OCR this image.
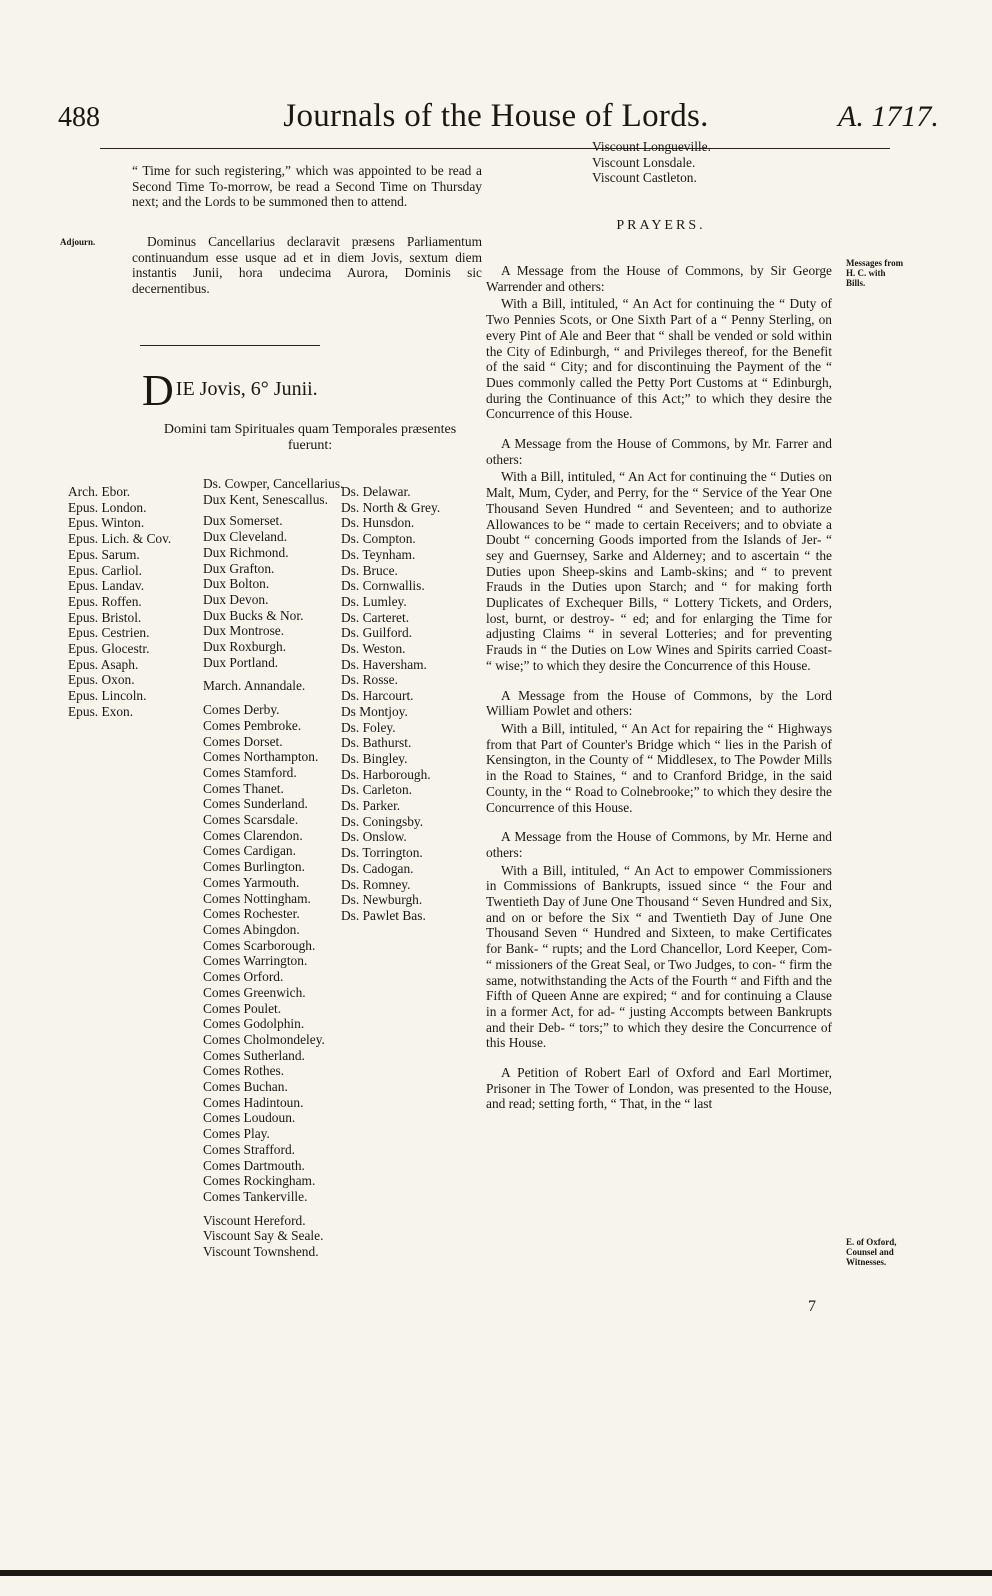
488	Journals of the House of Lords.	A. 1717.

“ Time for such registering,” which was appointed to be read a Second Time To-morrow, be read a Second Time on Thursday next; and the Lords to be summoned then to attend.

Adjourn.	Dominus Cancellarius declaravit præsens Parliamentum continuandum esse usque ad et in diem Jovis, sextum diem instantis Junii, hora undecima Aurora, Dominis sic decernentibus.

D IE Jovis, 6° Junii.
Domini tam Spirituales quam Temporales præsentes fuerunt:
Arch. Ebor.
Epus. London.
Epus. Winton.
Epus. Lich. & Cov.
Epus. Sarum.
Epus. Carliol.
Epus. Landav.
Epus. Roffen.
Epus. Bristol.
Epus. Cestrien.
Epus. Glocestr.
Epus. Asaph.
Epus. Oxon.
Epus. Lincoln.
Epus. Exon.
Ds. Cowper, Cancellarius.
Dux Kent, Senescallus.
Dux Somerset.
Dux Cleveland.
Dux Richmond.
Dux Grafton.
Dux Bolton.
Dux Devon.
Dux Bucks & Nor.
Dux Montrose.
Dux Roxburgh.
Dux Portland.
March. Annandale.
Comes Derby.
Comes Pembroke.
Comes Dorset.
Comes Northampton.
Comes Stamford.
Comes Thanet.
Comes Sunderland.
Comes Scarsdale.
Comes Clarendon.
Comes Cardigan.
Comes Burlington.
Comes Yarmouth.
Comes Nottingham.
Comes Rochester.
Comes Abingdon.
Comes Scarborough.
Comes Warrington.
Comes Orford.
Comes Greenwich.
Comes Poulet.
Comes Godolphin.
Comes Cholmondeley.
Comes Sutherland.
Comes Rothes.
Comes Buchan.
Comes Hadintoun.
Comes Loudoun.
Comes Play.
Comes Strafford.
Comes Dartmouth.
Comes Rockingham.
Comes Tankerville.
Viscount Hereford.
Viscount Say & Seale.
Viscount Townshend.
Ds. Delawar.
Ds. North & Grey.
Ds. Hunsdon.
Ds. Compton.
Ds. Teynham.
Ds. Bruce.
Ds. Cornwallis.
Ds. Lumley.
Ds. Carteret.
Ds. Guilford.
Ds. Weston.
Ds. Haversham.
Ds. Rosse.
Ds. Harcourt.
Ds Montjoy.
Ds. Foley.
Ds. Bathurst.
Ds. Bingley.
Ds. Harborough.
Ds. Carleton.
Ds. Parker.
Ds. Coningsby.
Ds. Onslow.
Ds. Torrington.
Ds. Cadogan.
Ds. Romney.
Ds. Newburgh.
Ds. Pawlet Bas.
Viscount Longueville.
Viscount Lonsdale.
Viscount Castleton.
PRAYERS.
Messages from H. C. with Bills.

A Message from the House of Commons, by Sir George Warrender and others:

With a Bill, intituled, “ An Act for continuing the “ Duty of Two Pennies Scots, or One Sixth Part of a “ Penny Sterling, on every Pint of Ale and Beer that “ shall be vended or sold within the City of Edinburgh, “ and Privileges thereof, for the Benefit of the said “ City; and for discontinuing the Payment of the “ Dues commonly called the Petty Port Customs at “ Edinburgh, during the Continuance of this Act;” to which they desire the Concurrence of this House.

A Message from the House of Commons, by Mr. Farrer and others:

With a Bill, intituled, “ An Act for continuing the “ Duties on Malt, Mum, Cyder, and Perry, for the “ Service of the Year One Thousand Seven Hundred “ and Seventeen; and to authorize Allowances to be “ made to certain Receivers; and to obviate a Doubt “ concerning Goods imported from the Islands of Jer- “ sey and Guernsey, Sarke and Alderney; and to ascertain “ the Duties upon Sheep-skins and Lamb-skins; and “ to prevent Frauds in the Duties upon Starch; and “ for making forth Duplicates of Exchequer Bills, “ Lottery Tickets, and Orders, lost, burnt, or destroy- “ ed; and for enlarging the Time for adjusting Claims “ in several Lotteries; and for preventing Frauds in “ the Duties on Low Wines and Spirits carried Coast- “ wise;” to which they desire the Concurrence of this House.

A Message from the House of Commons, by the Lord William Powlet and others:

With a Bill, intituled, “ An Act for repairing the “ Highways from that Part of Counter's Bridge which “ lies in the Parish of Kensington, in the County of “ Middlesex, to The Powder Mills in the Road to Staines, “ and to Cranford Bridge, in the said County, in the “ Road to Colnebrooke;” to which they desire the Concurrence of this House.

A Message from the House of Commons, by Mr. Herne and others:

With a Bill, intituled, “ An Act to empower Commissioners in Commissions of Bankrupts, issued since “ the Four and Twentieth Day of June One Thousand “ Seven Hundred and Six, and on or before the Six “ and Twentieth Day of June One Thousand Seven “ Hundred and Sixteen, to make Certificates for Bank- “ rupts; and the Lord Chancellor, Lord Keeper, Com- “ missioners of the Great Seal, or Two Judges, to con- “ firm the same, notwithstanding the Acts of the Fourth “ and Fifth and the Fifth of Queen Anne are expired; “ and for continuing a Clause in a former Act, for ad- “ justing Accompts between Bankrupts and their Deb- “ tors;” to which they desire the Concurrence of this House.

A Petition of Robert Earl of Oxford and Earl Mortimer, Prisoner in The Tower of London, was presented to the House, and read; setting forth, “ That, in the “ last

E. of Oxford, Counsel and Witnesses.
7
